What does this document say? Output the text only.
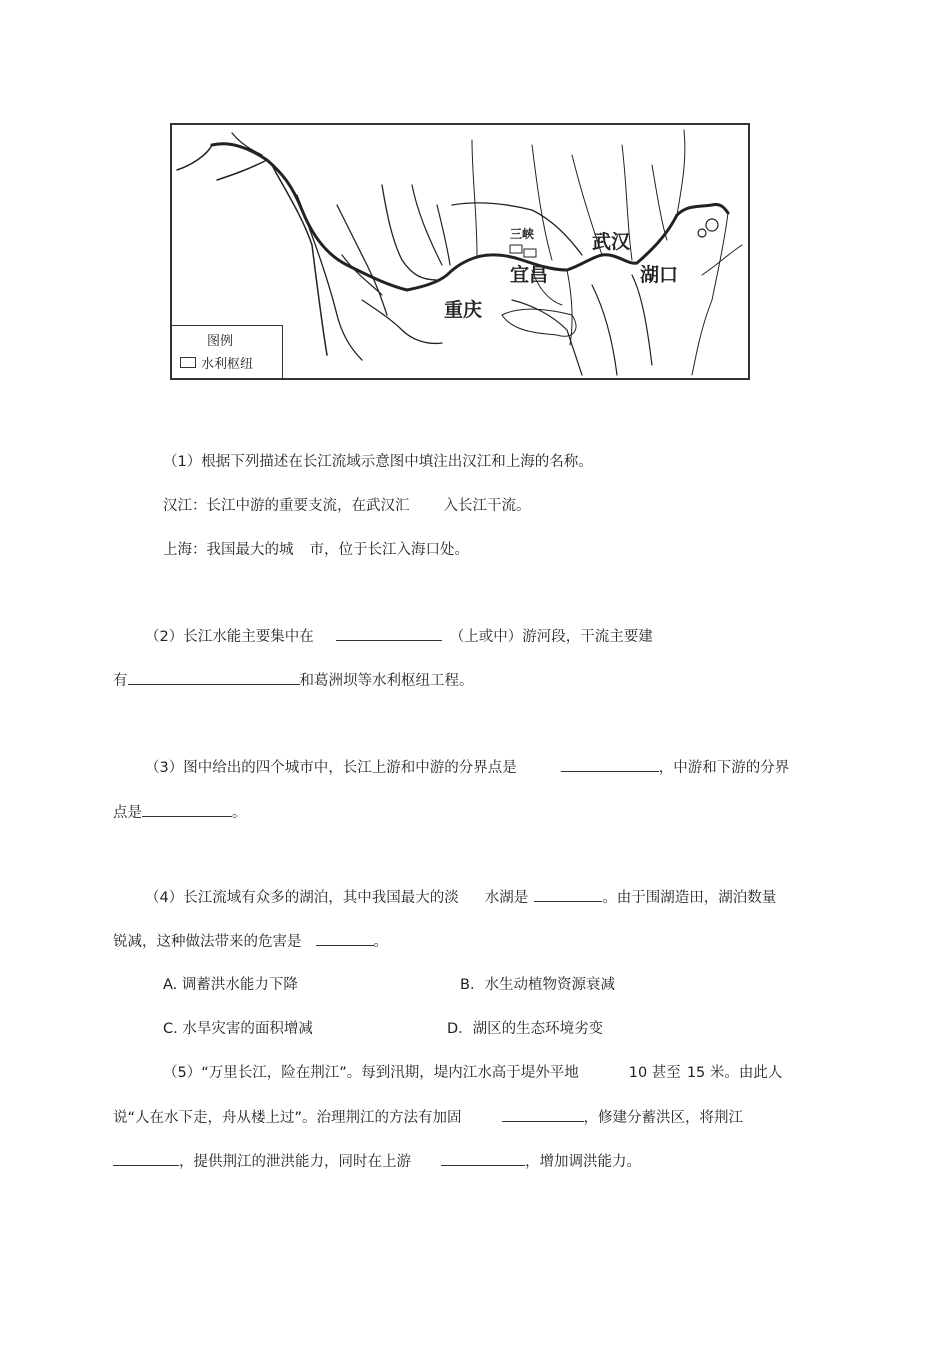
三峡
宜昌
武汉
湖口
重庆
图例
水利枢纽
（1）根据下列描述在长江流域示意图中填注出汉江和上海的名称。
汉江：长江中游的重要支流，在武汉汇 入长江干流。
上海：我国最大的城 市，位于长江入海口处。
（2）长江水能主要集中在	（上或中）游河段，干流主要建
有	和葛洲坝等水利枢纽工程。
（3）图中给出的四个城市中，长江上游和中游的分界点是	，中游和下游的分界
点是	。
（4）长江流域有众多的湖泊，其中我国最大的淡 水湖是	。由于围湖造田，湖泊数量
锐减，这种做法带来的危害是	。
A. 调蓄洪水能力下降	B．水生动植物资源衰减
C. 水旱灾害的面积增减	D．湖区的生态环境劣变
（5）“万里长江，险在荆江”。每到汛期，堤内江水高于堤外平地	10 甚至 15 米。由此人
说“人在水下走，舟从楼上过”。治理荆江的方法有加固	，修建分蓄洪区，将荆江
，提供荆江的泄洪能力，同时在上游	，增加调洪能力。
